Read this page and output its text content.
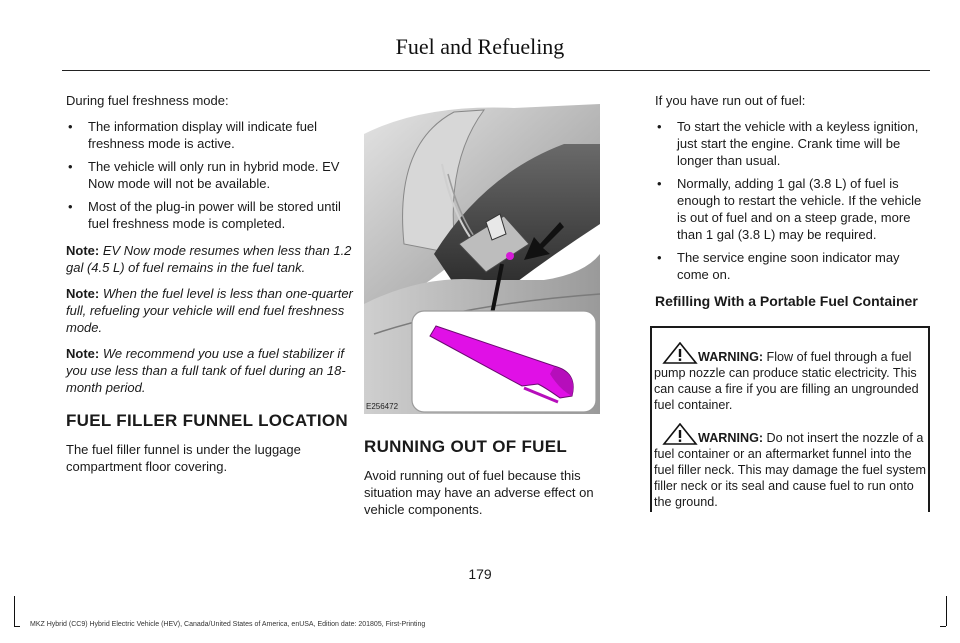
Fuel and Refueling

During fuel freshness mode:

• The information display will indicate fuel freshness mode is active.
• The vehicle will only run in hybrid mode. EV Now mode will not be available.
• Most of the plug-in power will be stored until fuel freshness mode is completed.

Note: EV Now mode resumes when less than 1.2 gal (4.5 L) of fuel remains in the fuel tank.

Note: When the fuel level is less than one-quarter full, refueling your vehicle will end fuel freshness mode.

Note: We recommend you use a fuel stabilizer if you use less than a full tank of fuel during an 18-month period.

FUEL FILLER FUNNEL LOCATION

The fuel filler funnel is under the luggage compartment floor covering.

E256472
RUNNING OUT OF FUEL

Avoid running out of fuel because this situation may have an adverse effect on vehicle components.

If you have run out of fuel:

• To start the vehicle with a keyless ignition, just start the engine. Crank time will be longer than usual.
• Normally, adding 1 gal (3.8 L) of fuel is enough to restart the vehicle. If the vehicle is out of fuel and on a steep grade, more than 1 gal (3.8 L) may be required.
• The service engine soon indicator may come on.
Refilling With a Portable Fuel Container

WARNING: Flow of fuel through a fuel pump nozzle can produce static electricity. This can cause a fire if you are filling an ungrounded fuel container.

WARNING: Do not insert the nozzle of a fuel container or an aftermarket funnel into the fuel filler neck. This may damage the fuel system filler neck or its seal and cause fuel to run onto the ground.

179
MKZ Hybrid (CC9) Hybrid Electric Vehicle (HEV), Canada/United States of America, enUSA, Edition date: 201805, First-Printing
